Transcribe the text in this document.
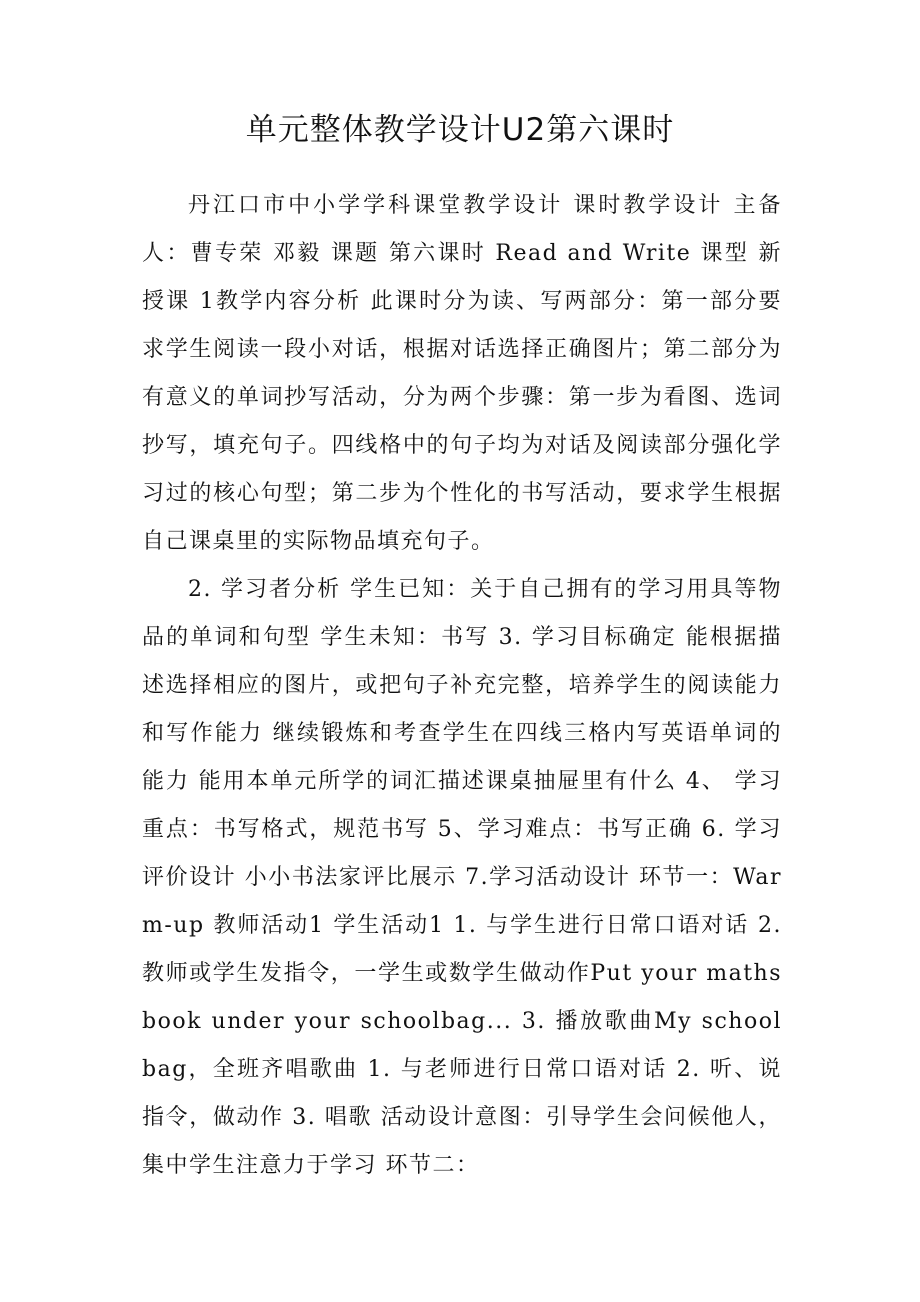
单元整体教学设计U2第六课时

丹江口市中小学学科课堂教学设计 课时教学设计 主备人：曹专荣 邓毅 课题 第六课时 Read and Write 课型 新授课 1教学内容分析 此课时分为读、写两部分：第一部分要求学生阅读一段小对话，根据对话选择正确图片；第二部分为有意义的单词抄写活动，分为两个步骤：第一步为看图、选词抄写，填充句子。四线格中的句子均为对话及阅读部分强化学习过的核心句型；第二步为个性化的书写活动，要求学生根据自己课桌里的实际物品填充句子。

2. 学习者分析 学生已知：关于自己拥有的学习用具等物品的单词和句型 学生未知：书写 3. 学习目标确定 能根据描述选择相应的图片，或把句子补充完整，培养学生的阅读能力和写作能力 继续锻炼和考查学生在四线三格内写英语单词的能力 能用本单元所学的词汇描述课桌抽屉里有什么 4、 学习重点：书写格式，规范书写 5、学习难点：书写正确 6. 学习评价设计 小小书法家评比展示 7.学习活动设计 环节一：Warm-up 教师活动1 学生活动1 1. 与学生进行日常口语对话 2. 教师或学生发指令，一学生或数学生做动作Put your maths book under your schoolbag... 3. 播放歌曲My schoolbag，全班齐唱歌曲 1. 与老师进行日常口语对话 2. 听、说指令，做动作 3. 唱歌 活动设计意图：引导学生会问候他人，集中学生注意力于学习 环节二：
